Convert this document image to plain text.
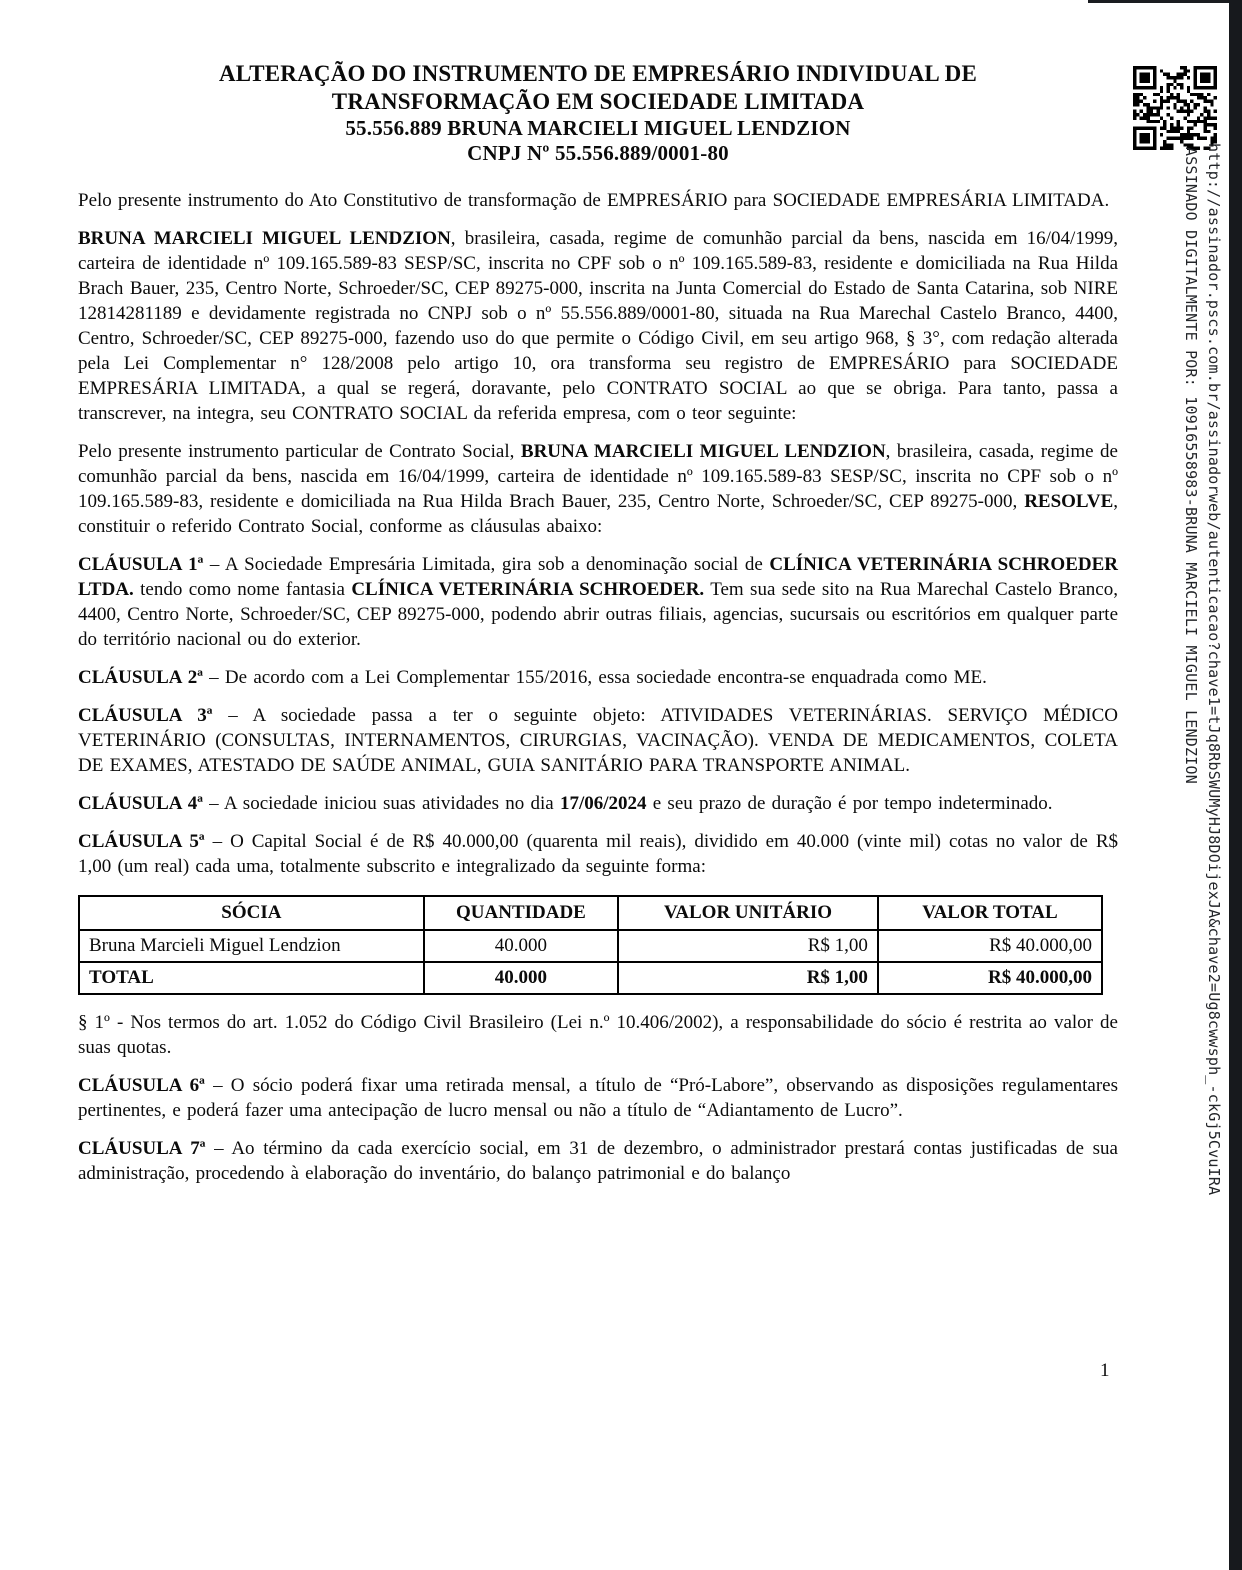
ALTERAÇÃO DO INSTRUMENTO DE EMPRESÁRIO INDIVIDUAL DE
TRANSFORMAÇÃO EM SOCIEDADE LIMITADA
55.556.889 BRUNA MARCIELI MIGUEL LENDZION
CNPJ Nº 55.556.889/0001-80

Pelo presente instrumento do Ato Constitutivo de transformação de EMPRESÁRIO para SOCIEDADE EMPRESÁRIA LIMITADA.

BRUNA MARCIELI MIGUEL LENDZION, brasileira, casada, regime de comunhão parcial da bens, nascida em 16/04/1999, carteira de identidade nº 109.165.589-83 SESP/SC, inscrita no CPF sob o nº 109.165.589-83, residente e domiciliada na Rua Hilda Brach Bauer, 235, Centro Norte, Schroeder/SC, CEP 89275-000, inscrita na Junta Comercial do Estado de Santa Catarina, sob NIRE 12814281189 e devidamente registrada no CNPJ sob o nº 55.556.889/0001-80, situada na Rua Marechal Castelo Branco, 4400, Centro, Schroeder/SC, CEP 89275-000, fazendo uso do que permite o Código Civil, em seu artigo 968, § 3°, com redação alterada pela Lei Complementar n° 128/2008 pelo artigo 10, ora transforma seu registro de EMPRESÁRIO para SOCIEDADE EMPRESÁRIA LIMITADA, a qual se regerá, doravante, pelo CONTRATO SOCIAL ao que se obriga. Para tanto, passa a transcrever, na integra, seu CONTRATO SOCIAL da referida empresa, com o teor seguinte:

Pelo presente instrumento particular de Contrato Social, BRUNA MARCIELI MIGUEL LENDZION, brasileira, casada, regime de comunhão parcial da bens, nascida em 16/04/1999, carteira de identidade nº 109.165.589-83 SESP/SC, inscrita no CPF sob o nº 109.165.589-83, residente e domiciliada na Rua Hilda Brach Bauer, 235, Centro Norte, Schroeder/SC, CEP 89275-000, RESOLVE, constituir o referido Contrato Social, conforme as cláusulas abaixo:

CLÁUSULA 1ª – A Sociedade Empresária Limitada, gira sob a denominação social de CLÍNICA VETERINÁRIA SCHROEDER LTDA. tendo como nome fantasia CLÍNICA VETERINÁRIA SCHROEDER. Tem sua sede sito na Rua Marechal Castelo Branco, 4400, Centro Norte, Schroeder/SC, CEP 89275-000, podendo abrir outras filiais, agencias, sucursais ou escritórios em qualquer parte do território nacional ou do exterior.

CLÁUSULA 2ª – De acordo com a Lei Complementar 155/2016, essa sociedade encontra-se enquadrada como ME.

CLÁUSULA 3ª – A sociedade passa a ter o seguinte objeto: ATIVIDADES VETERINÁRIAS. SERVIÇO MÉDICO VETERINÁRIO (CONSULTAS, INTERNAMENTOS, CIRURGIAS, VACINAÇÃO). VENDA DE MEDICAMENTOS, COLETA DE EXAMES, ATESTADO DE SAÚDE ANIMAL, GUIA SANITÁRIO PARA TRANSPORTE ANIMAL.

CLÁUSULA 4ª – A sociedade iniciou suas atividades no dia 17/06/2024 e seu prazo de duração é por tempo indeterminado.

CLÁUSULA 5ª – O Capital Social é de R$ 40.000,00 (quarenta mil reais), dividido em 40.000 (vinte mil) cotas no valor de R$ 1,00 (um real) cada uma, totalmente subscrito e integralizado da seguinte forma:

SÓCIA	QUANTIDADE	VALOR UNITÁRIO	VALOR TOTAL
Bruna Marcieli Miguel Lendzion	40.000	R$ 1,00	R$ 40.000,00
TOTAL	40.000	R$ 1,00	R$ 40.000,00

§ 1º - Nos termos do art. 1.052 do Código Civil Brasileiro (Lei n.º 10.406/2002), a responsabilidade do sócio é restrita ao valor de suas quotas.

CLÁUSULA 6ª – O sócio poderá fixar uma retirada mensal, a título de “Pró-Labore”, observando as disposições regulamentares pertinentes, e poderá fazer uma antecipação de lucro mensal ou não a título de “Adiantamento de Lucro”.

CLÁUSULA 7ª – Ao término da cada exercício social, em 31 de dezembro, o administrador prestará contas justificadas de sua administração, procedendo à elaboração do inventário, do balanço patrimonial e do balanço	http://assinador.pscs.com.br/assinadorweb/autenticacao?chave1=tJq8RbSWUMyHJ8DOijexJA&chave2=Ug8cwwsph_-ckGj5CvuIRA
ASSINADO DIGITALMENTE POR: 10916558983-BRUNA MARCIELI MIGUEL LENDZION
1
